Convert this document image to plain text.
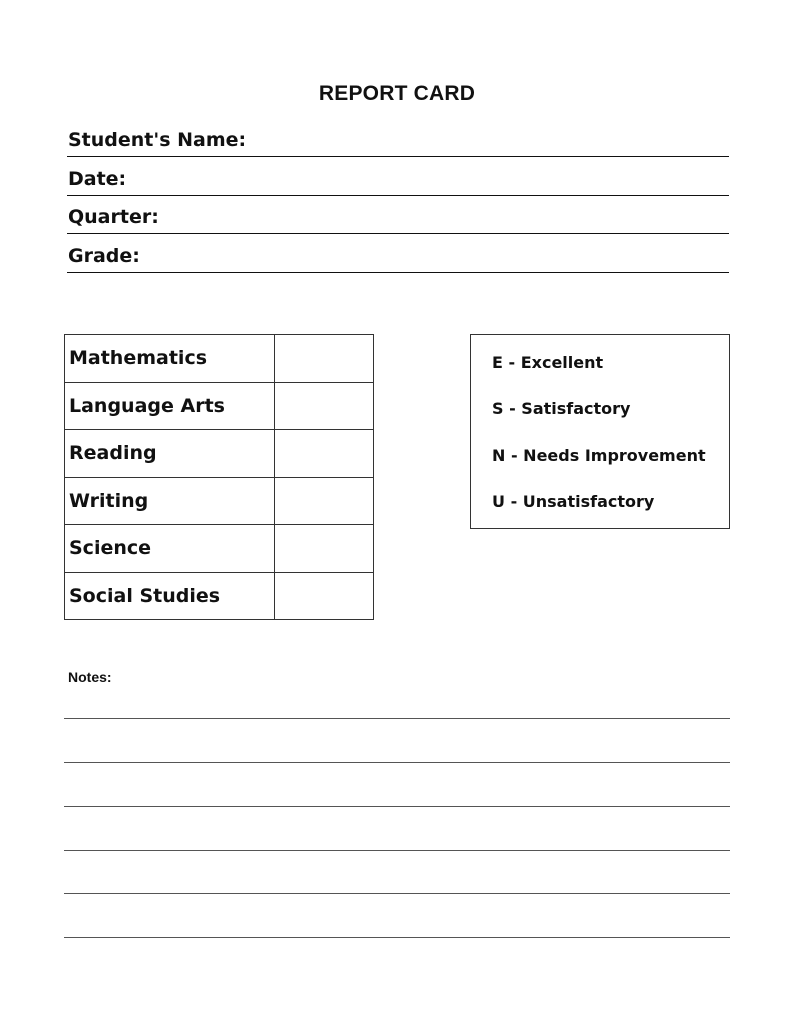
REPORT CARD
Student's Name:
Date:
Quarter:
Grade:
Mathematics	
Language Arts	
Reading	
Writing	
Science	
Social Studies	
E - Excellent
S - Satisfactory
N - Needs Improvement
U - Unsatisfactory
Notes:
